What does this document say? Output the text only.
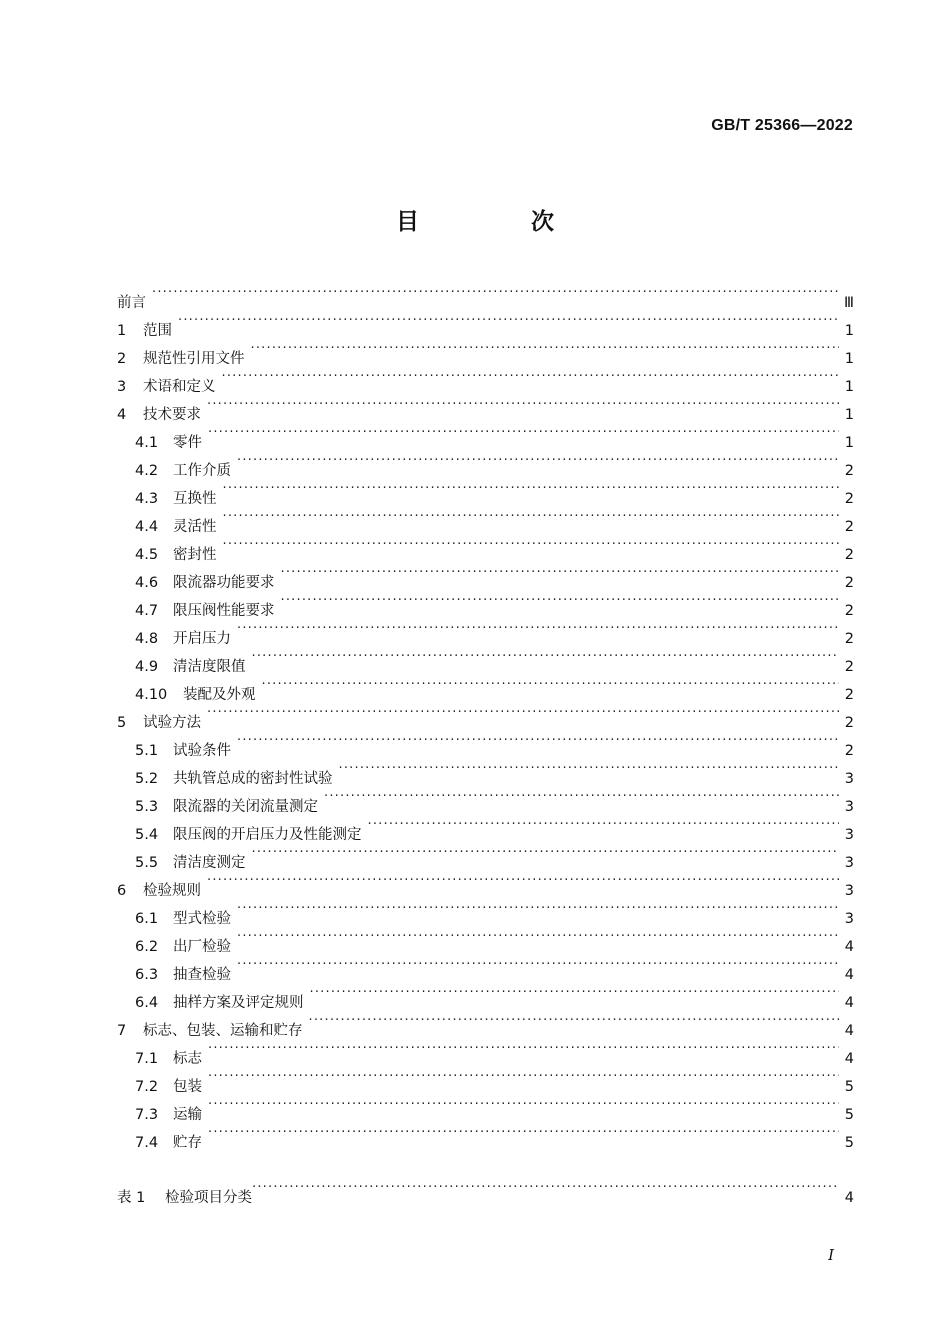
GB/T 25366—2022
目 次
前言 ·····	Ⅲ
1	范围 ·····	1
2	规范性引用文件 ·····	1
3	术语和定义 ·····	1
4	技术要求 ·····	1
4.1	零件 ·····	1
4.2	工作介质 ·····	2
4.3	互换性 ·····	2
4.4	灵活性 ·····	2
4.5	密封性 ·····	2
4.6	限流器功能要求 ·····	2
4.7	限压阀性能要求 ·····	2
4.8	开启压力 ·····	2
4.9	清洁度限值 ·····	2
4.10	装配及外观 ·····	2
5	试验方法 ·····	2
5.1	试验条件 ·····	2
5.2	共轨管总成的密封性试验 ·····	3
5.3	限流器的关闭流量测定 ·····	3
5.4	限压阀的开启压力及性能测定 ·····	3
5.5	清洁度测定 ·····	3
6	检验规则 ·····	3
6.1	型式检验 ·····	3
6.2	出厂检验 ·····	4
6.3	抽查检验 ·····	4
6.4	抽样方案及评定规则 ·····	4
7	标志、包装、运输和贮存 ·····	4
7.1	标志 ·····	4
7.2	包装 ·····	5
7.3	运输 ·····	5
7.4	贮存 ·····	5
表 1	检验项目分类 ·····	4
I
